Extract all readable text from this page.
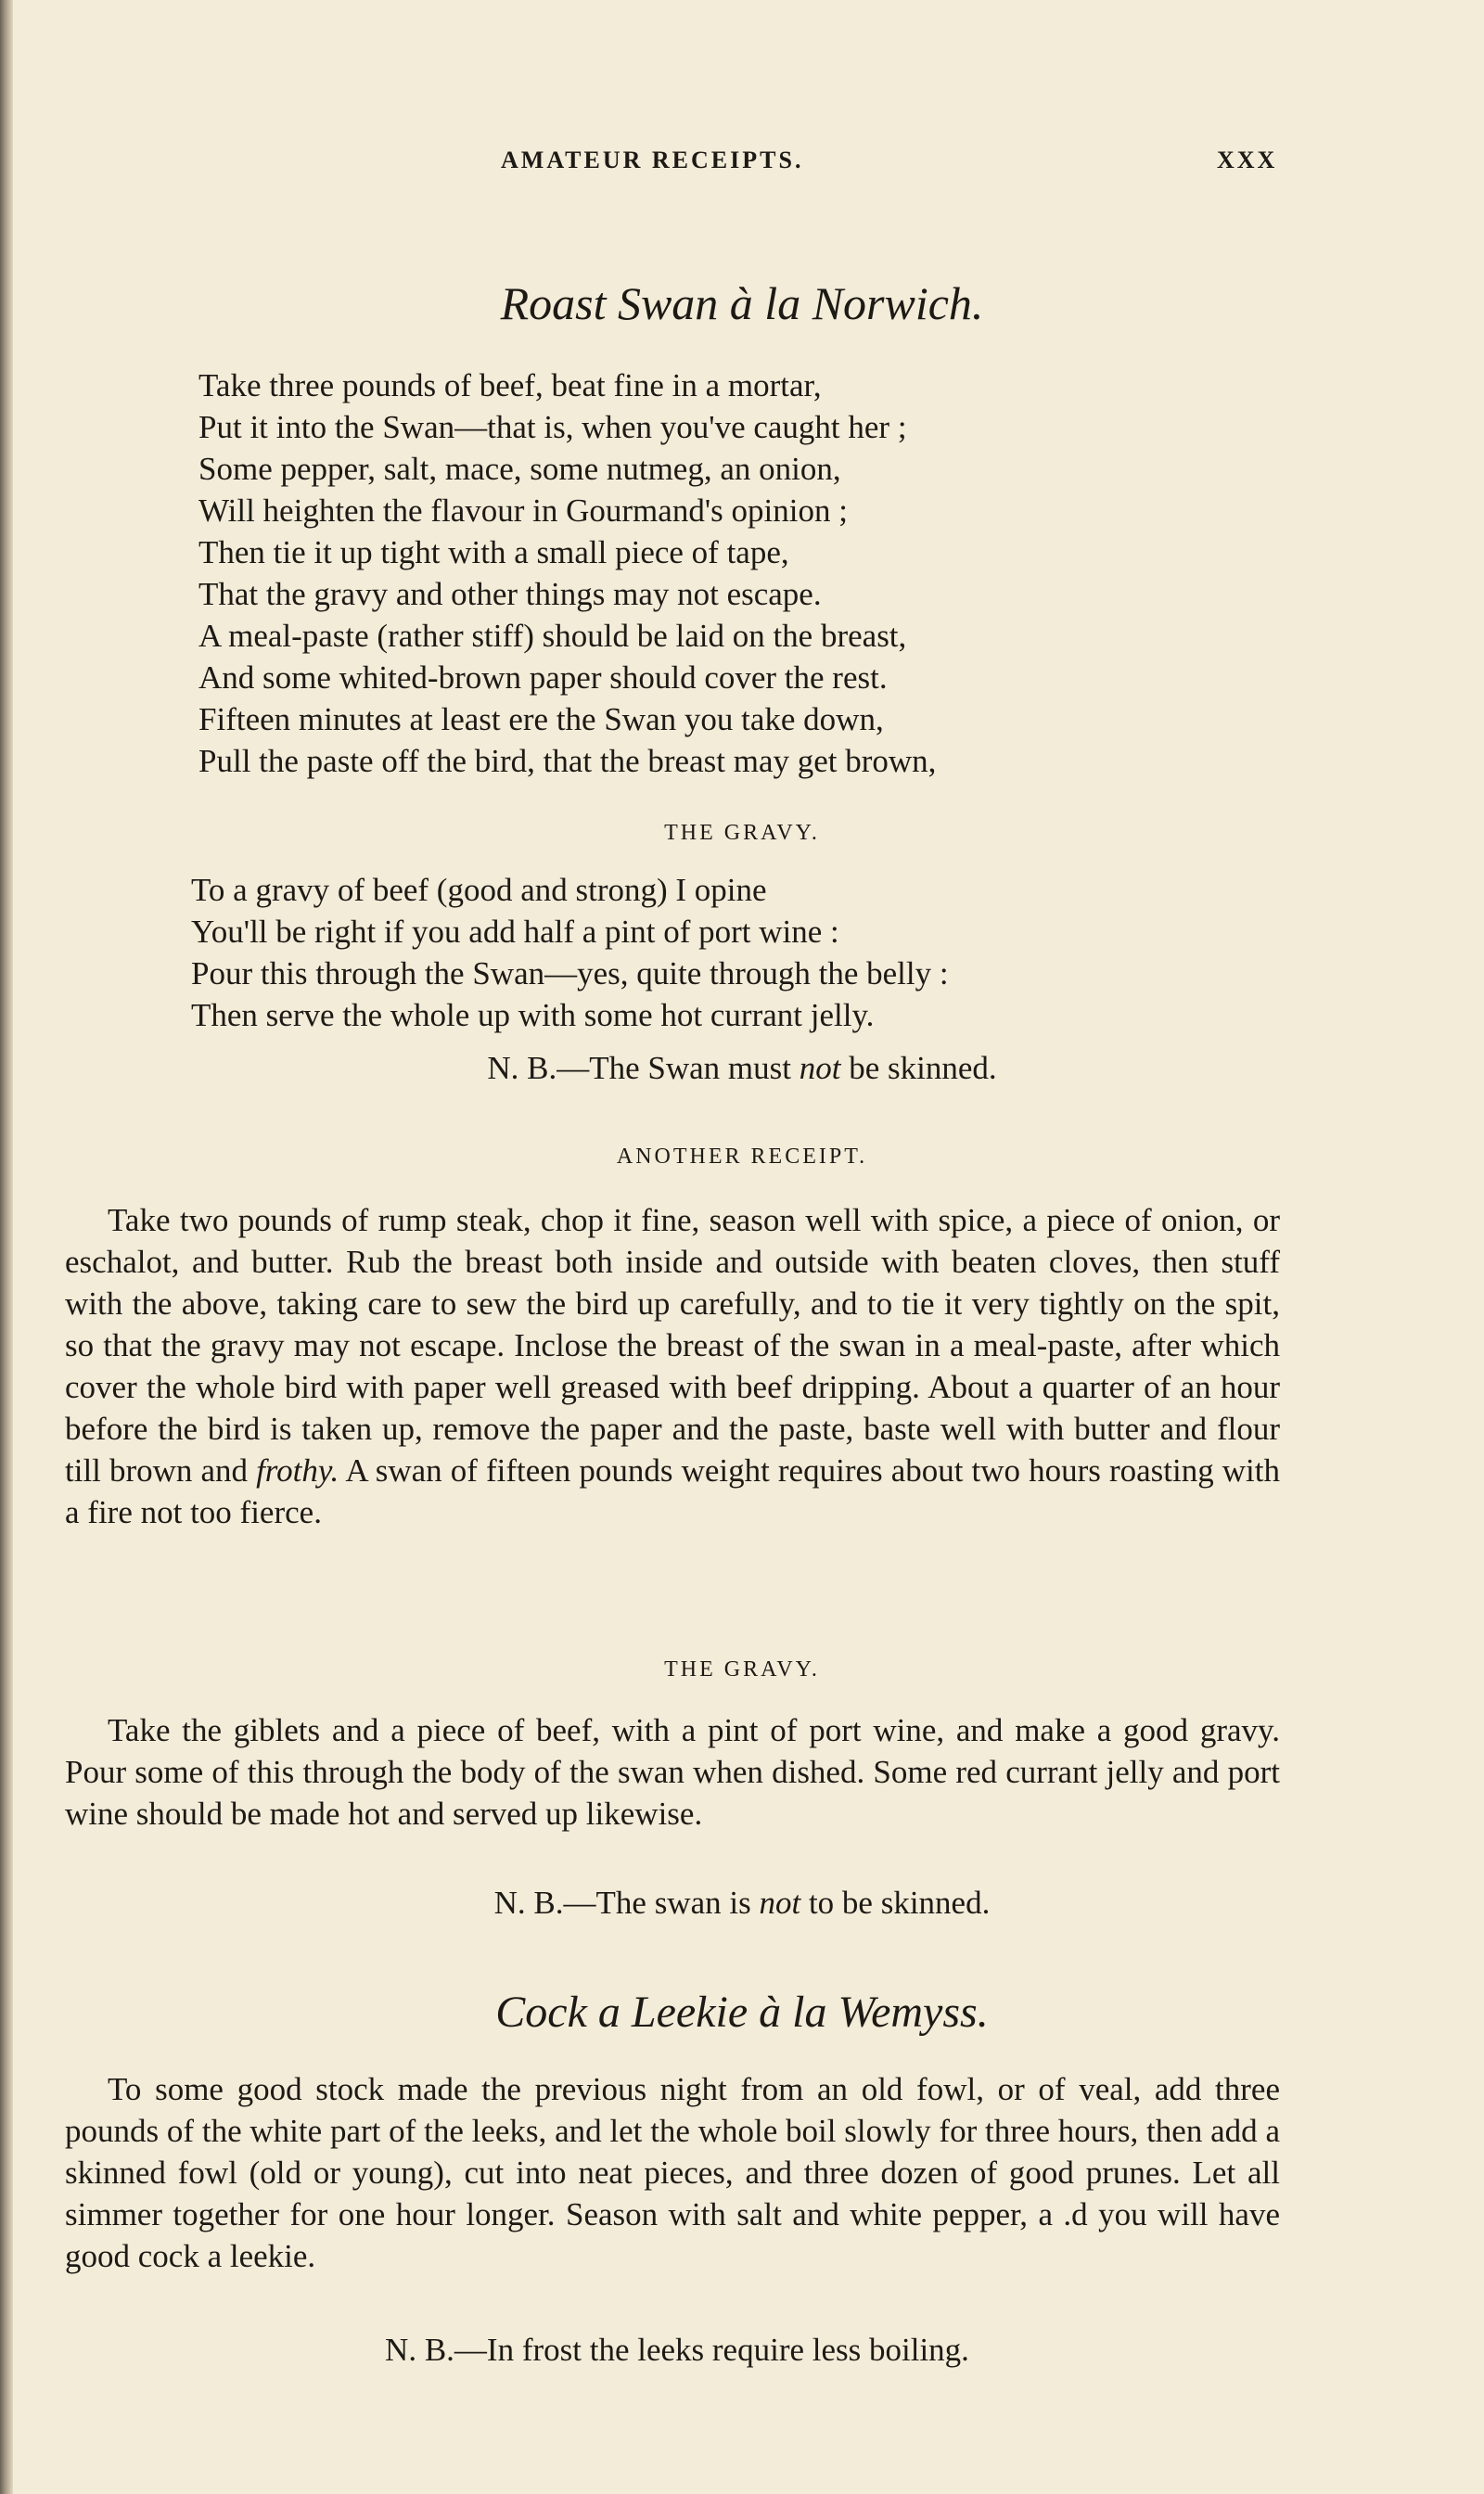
AMATEUR RECEIPTS.	XXX
Roast Swan à la Norwich.
Take three pounds of beef, beat fine in a mortar,
Put it into the Swan—that is, when you've caught her ;
Some pepper, salt, mace, some nutmeg, an onion,
Will heighten the flavour in Gourmand's opinion ;
Then tie it up tight with a small piece of tape,
That the gravy and other things may not escape.
A meal-paste (rather stiff) should be laid on the breast,
And some whited-brown paper should cover the rest.
Fifteen minutes at least ere the Swan you take down,
Pull the paste off the bird, that the breast may get brown,
THE GRAVY.
To a gravy of beef (good and strong) I opine
You'll be right if you add half a pint of port wine :
Pour this through the Swan—yes, quite through the belly :
Then serve the whole up with some hot currant jelly.
N. B.—The Swan must not be skinned.
ANOTHER RECEIPT.

Take two pounds of rump steak, chop it fine, season well with spice, a piece of onion, or eschalot, and butter. Rub the breast both inside and outside with beaten cloves, then stuff with the above, taking care to sew the bird up carefully, and to tie it very tightly on the spit, so that the gravy may not escape. Inclose the breast of the swan in a meal-paste, after which cover the whole bird with paper well greased with beef dripping. About a quarter of an hour before the bird is taken up, remove the paper and the paste, baste well with butter and flour till brown and frothy. A swan of fifteen pounds weight requires about two hours roasting with a fire not too fierce.

THE GRAVY.

Take the giblets and a piece of beef, with a pint of port wine, and make a good gravy. Pour some of this through the body of the swan when dished. Some red currant jelly and port wine should be made hot and served up likewise.

N. B.—The swan is not to be skinned.
Cock a Leekie à la Wemyss.

To some good stock made the previous night from an old fowl, or of veal, add three pounds of the white part of the leeks, and let the whole boil slowly for three hours, then add a skinned fowl (old or young), cut into neat pieces, and three dozen of good prunes. Let all simmer together for one hour longer. Season with salt and white pepper, a .d you will have good cock a leekie.

N. B.—In frost the leeks require less boiling.
